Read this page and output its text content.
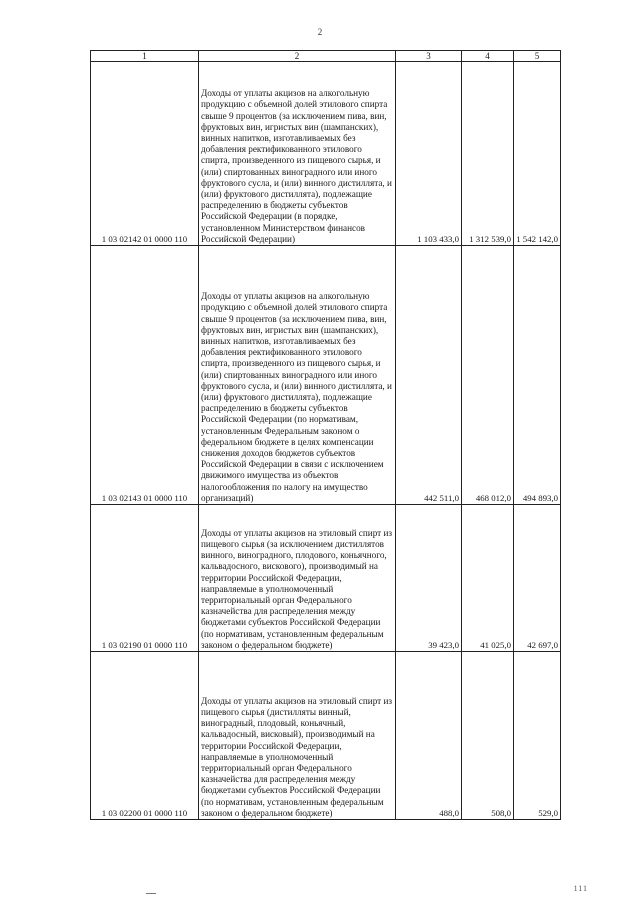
2
1	2	3	4	5
1 03 02142 01 0000 110	Доходы от уплаты акцизов на алкогольную продукцию с объемной долей этилового спирта свыше 9 процентов (за исключением пива, вин, фруктовых вин, игристых вин (шампанских), винных напитков, изготавливаемых без добавления ректификованного этилового спирта, произведенного из пищевого сырья, и (или) спиртованных виноградного или иного фруктового сусла, и (или) винного дистиллята, и (или) фруктового дистиллята), подлежащие распределению в бюджеты субъектов Российской Федерации (в порядке, установленном Министерством финансов Российской Федерации)	1 103 433,0	1 312 539,0	1 542 142,0
1 03 02143 01 0000 110	Доходы от уплаты акцизов на алкогольную продукцию с объемной долей этилового спирта свыше 9 процентов (за исключением пива, вин, фруктовых вин, игристых вин (шампанских), винных напитков, изготавливаемых без добавления ректификованного этилового спирта, произведенного из пищевого сырья, и (или) спиртованных виноградного или иного фруктового сусла, и (или) винного дистиллята, и (или) фруктового дистиллята), подлежащие распределению в бюджеты субъектов Российской Федерации (по нормативам, установленным Федеральным законом о федеральном бюджете в целях компенсации снижения доходов бюджетов субъектов Российской Федерации в связи с исключением движимого имущества из объектов налогообложения по налогу на имущество организаций)	442 511,0	468 012,0	494 893,0
1 03 02190 01 0000 110	Доходы от уплаты акцизов на этиловый спирт из пищевого сырья (за исключением дистиллятов винного, виноградного, плодового, коньячного, кальвадосного, вискового), производимый на территории Российской Федерации, направляемые в уполномоченный территориальный орган Федерального казначейства для распределения между бюджетами субъектов Российской Федерации (по нормативам, установленным федеральным законом о федеральном бюджете)	39 423,0	41 025,0	42 697,0
1 03 02200 01 0000 110	Доходы от уплаты акцизов на этиловый спирт из пищевого сырья (дистилляты винный, виноградный, плодовый, коньячный, кальвадосный, висковый), производимый на территории Российской Федерации, направляемые в уполномоченный территориальный орган Федерального казначейства для распределения между бюджетами субъектов Российской Федерации (по нормативам, установленным федеральным законом о федеральном бюджете)	488,0	508,0	529,0
111
